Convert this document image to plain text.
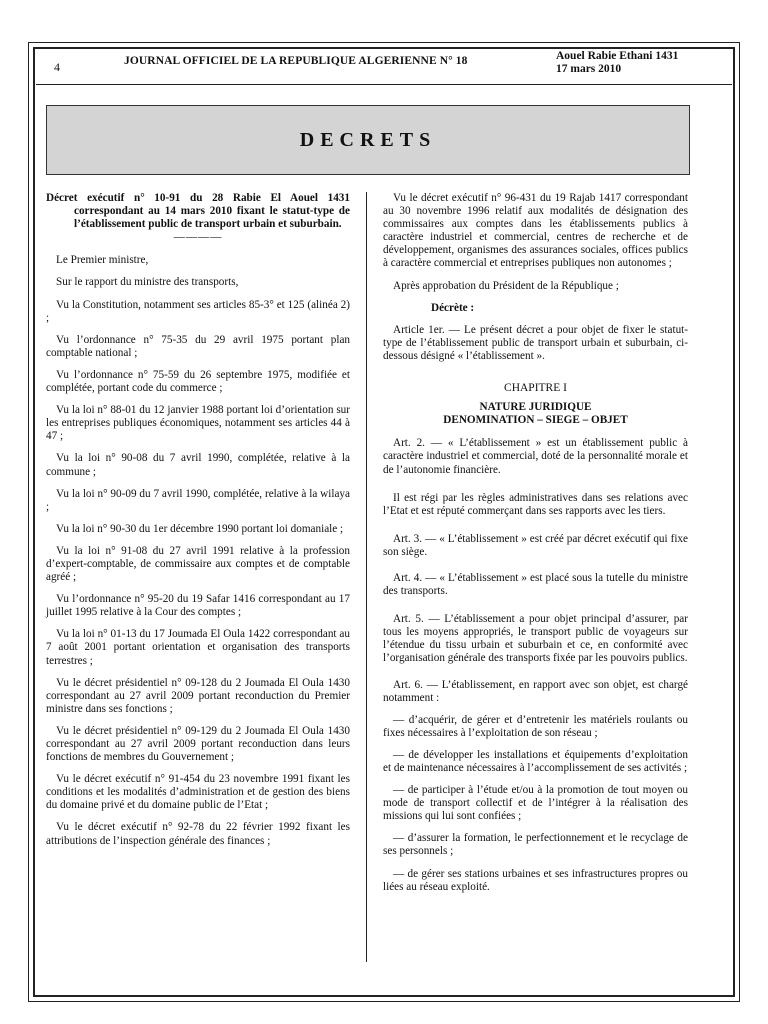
4	JOURNAL OFFICIEL DE LA REPUBLIQUE ALGERIENNE N° 18	Aouel Rabie Ethani 1431
17 mars 2010
DECRETS

Décret exécutif n° 10-91 du 28 Rabie El Aouel 1431 correspondant au 14 mars 2010 fixant le statut-type de l’établissement public de transport urbain et suburbain.

————

Le Premier ministre,

Sur le rapport du ministre des transports,

Vu la Constitution, notamment ses articles 85-3° et 125 (alinéa 2) ;

Vu l’ordonnance n° 75-35 du 29 avril 1975 portant plan comptable national ;

Vu l’ordonnance n° 75-59 du 26 septembre 1975, modifiée et complétée, portant code du commerce ;

Vu la loi n° 88-01 du 12 janvier 1988 portant loi d’orientation sur les entreprises publiques économiques, notamment ses articles 44 à 47 ;

Vu la loi n° 90-08 du 7 avril 1990, complétée, relative à la commune ;

Vu la loi n° 90-09 du 7 avril 1990, complétée, relative à la wilaya ;

Vu la loi n° 90-30 du 1er décembre 1990 portant loi domaniale ;

Vu la loi n° 91-08 du 27 avril 1991 relative à la profession d’expert-comptable, de commissaire aux comptes et de comptable agréé ;

Vu l’ordonnance n° 95-20 du 19 Safar 1416 correspondant au 17 juillet 1995 relative à la Cour des comptes ;

Vu la loi n° 01-13 du 17 Joumada El Oula 1422 correspondant au 7 août 2001 portant orientation et organisation des transports terrestres ;

Vu le décret présidentiel n° 09-128 du 2 Joumada El Oula 1430 correspondant au 27 avril 2009 portant reconduction du Premier ministre dans ses fonctions ;

Vu le décret présidentiel n° 09-129 du 2 Joumada El Oula 1430 correspondant au 27 avril 2009 portant reconduction dans leurs fonctions de membres du Gouvernement ;

Vu le décret exécutif n° 91-454 du 23 novembre 1991 fixant les conditions et les modalités d’administration et de gestion des biens du domaine privé et du domaine public de l’Etat ;

Vu le décret exécutif n° 92-78 du 22 février 1992 fixant les attributions de l’inspection générale des finances ;

Vu le décret exécutif n° 96-431 du 19 Rajab 1417 correspondant au 30 novembre 1996 relatif aux modalités de désignation des commissaires aux comptes dans les établissements publics à caractère industriel et commercial, centres de recherche et de développement, organismes des assurances sociales, offices publics à caractère commercial et entreprises publiques non autonomes ;

Après approbation du Président de la République ;

Décrète :

Article 1er. — Le présent décret a pour objet de fixer le statut-type de l’établissement public de transport urbain et suburbain, ci-dessous désigné « l’établissement ».

CHAPITRE I

NATURE JURIDIQUE

DENOMINATION – SIEGE – OBJET

Art. 2. — « L’établissement » est un établissement public à caractère industriel et commercial, doté de la personnalité morale et de l’autonomie financière.

Il est régi par les règles administratives dans ses relations avec l’Etat et est réputé commerçant dans ses rapports avec les tiers.

Art. 3. — « L’établissement » est créé par décret exécutif qui fixe son siège.

Art. 4. — « L’établissement » est placé sous la tutelle du ministre des transports.

Art. 5. — L’établissement a pour objet principal d’assurer, par tous les moyens appropriés, le transport public de voyageurs sur l’étendue du tissu urbain et suburbain et ce, en conformité avec l’organisation générale des transports fixée par les pouvoirs publics.

Art. 6. — L’établissement, en rapport avec son objet, est chargé notamment :

— d’acquérir, de gérer et d’entretenir les matériels roulants ou fixes nécessaires à l’exploitation de son réseau ;

— de développer les installations et équipements d’exploitation et de maintenance nécessaires à l’accomplissement de ses activités ;

— de participer à l’étude et/ou à la promotion de tout moyen ou mode de transport collectif et de l’intégrer à la réalisation des missions qui lui sont confiées ;

— d’assurer la formation, le perfectionnement et le recyclage de ses personnels ;

— de gérer ses stations urbaines et ses infrastructures propres ou liées au réseau exploité.
